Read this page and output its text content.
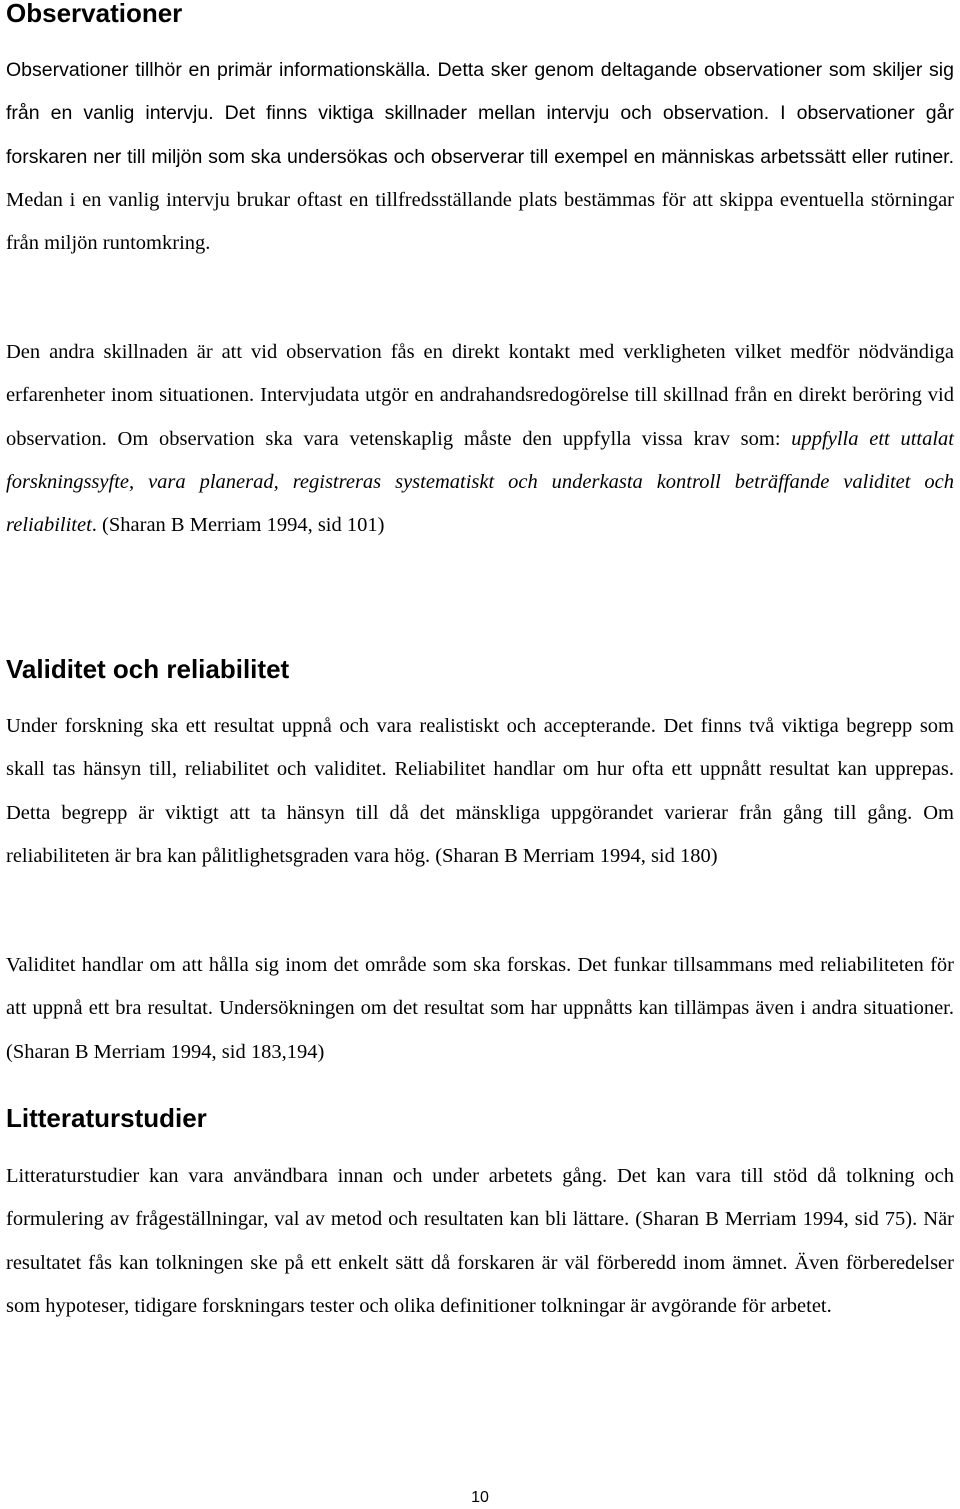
Observationer

Observationer tillhör en primär informationskälla. Detta sker genom deltagande observationer som skiljer sig från en vanlig intervju. Det finns viktiga skillnader mellan intervju och observation. I observationer går forskaren ner till miljön som ska undersökas och observerar till exempel en människas arbetssätt eller rutiner. Medan i en vanlig intervju brukar oftast en tillfredsställande plats bestämmas för att skippa eventuella störningar från miljön runtomkring.

Den andra skillnaden är att vid observation fås en direkt kontakt med verkligheten vilket medför nödvändiga erfarenheter inom situationen. Intervjudata utgör en andrahandsredogörelse till skillnad från en direkt beröring vid observation. Om observation ska vara vetenskaplig måste den uppfylla vissa krav som: uppfylla ett uttalat forskningssyfte, vara planerad, registreras systematiskt och underkasta kontroll beträffande validitet och reliabilitet. (Sharan B Merriam 1994, sid 101)

Validitet och reliabilitet

Under forskning ska ett resultat uppnå och vara realistiskt och accepterande. Det finns två viktiga begrepp som skall tas hänsyn till, reliabilitet och validitet. Reliabilitet handlar om hur ofta ett uppnått resultat kan upprepas. Detta begrepp är viktigt att ta hänsyn till då det mänskliga uppgörandet varierar från gång till gång. Om reliabiliteten är bra kan pålitlighetsgraden vara hög. (Sharan B Merriam 1994, sid 180)

Validitet handlar om att hålla sig inom det område som ska forskas. Det funkar tillsammans med reliabiliteten för att uppnå ett bra resultat. Undersökningen om det resultat som har uppnåtts kan tillämpas även i andra situationer. (Sharan B Merriam 1994, sid 183,194)

Litteraturstudier

Litteraturstudier kan vara användbara innan och under arbetets gång. Det kan vara till stöd då tolkning och formulering av frågeställningar, val av metod och resultaten kan bli lättare. (Sharan B Merriam 1994, sid 75). När resultatet fås kan tolkningen ske på ett enkelt sätt då forskaren är väl förberedd inom ämnet. Även förberedelser som hypoteser, tidigare forskningars tester och olika definitioner tolkningar är avgörande för arbetet.

10
